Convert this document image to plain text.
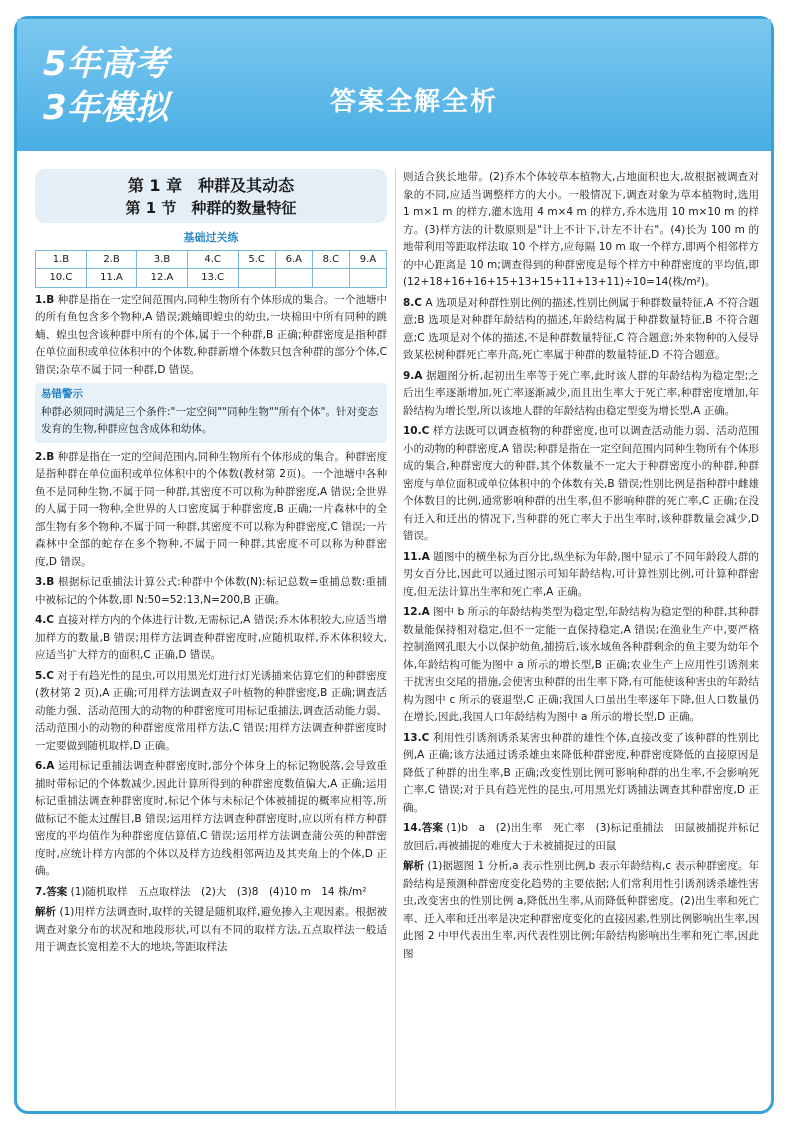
5年高考
3年模拟	答案全解全析
第 1 章　种群及其动态
第 1 节　种群的数量特征
基础过关练
1.B	2.B	3.B	4.C	5.C	6.A	8.C	9.A
10.C	11.A	12.A	13.C				
1.B 种群是指在一定空间范围内,同种生物所有个体形成的集合。一个池塘中的所有鱼包含多个物种,A 错误;跳蝻即蝗虫的幼虫,一块棉田中所有同种的跳蝻、蝗虫包含该种群中所有的个体,属于一个种群,B 正确;种群密度是指种群在单位面积或单位体积中的个体数,种群新增个体数只包含种群的部分个体,C 错误;杂草不属于同一种群,D 错误。
易错警示
种群必须同时满足三个条件:"一定空间""同种生物""所有个体"。针对变态发育的生物,种群应包含成体和幼体。
2.B 种群是指在一定的空间范围内,同种生物所有个体形成的集合。种群密度是指种群在单位面积或单位体积中的个体数(教材第 2页)。一个池塘中各种鱼不是同种生物,不属于同一种群,其密度不可以称为种群密度,A 错误;全世界的人属于同一物种,全世界的人口密度属于种群密度,B 正确;一片森林中的全部生物有多个物种,不属于同一种群,其密度不可以称为种群密度,C 错误;一片森林中全部的蛇存在多个物种,不属于同一种群,其密度不可以称为种群密度,D 错误。
3.B 根据标记重捕法计算公式:种群中个体数(N):标记总数=重捕总数:重捕中被标记的个体数,即 N:50=52:13,N=200,B 正确。
4.C 直接对样方内的个体进行计数,无需标记,A 错误;乔木体积较大,应适当增加样方的数量,B 错误;用样方法调查种群密度时,应随机取样,乔木体积较大,应适当扩大样方的面积,C 正确,D 错误。
5.C 对于有趋光性的昆虫,可以用黑光灯进行灯光诱捕来估算它们的种群密度(教材第 2 页),A 正确;可用样方法调查双子叶植物的种群密度,B 正确;调查活动能力强、活动范围大的动物的种群密度可用标记重捕法,调查活动能力弱、活动范围小的动物的种群密度常用样方法,C 错误;用样方法调查种群密度时一定要做到随机取样,D 正确。
6.A 运用标记重捕法调查种群密度时,部分个体身上的标记物脱落,会导致重捕时带标记的个体数减少,因此计算所得到的种群密度数值偏大,A 正确;运用标记重捕法调查种群密度时,标记个体与未标记个体被捕捉的概率应相等,所做标记不能太过醒目,B 错误;运用样方法调查种群密度时,应以所有样方种群密度的平均值作为种群密度估算值,C 错误;运用样方法调查蒲公英的种群密度时,应统计样方内部的个体以及样方边线相邻两边及其夹角上的个体,D 正确。
7.答案 (1)随机取样　五点取样法　(2)大　(3)8　(4)10 m　14 株/m²
解析 (1)用样方法调查时,取样的关键是随机取样,避免掺入主观因素。根据被调查对象分布的状况和地段形状,可以有不同的取样方法,五点取样法一般适用于调查长宽相差不大的地块,等距取样法
则适合狭长地带。(2)乔木个体较草本植物大,占地面积也大,故根据被调查对象的不同,应适当调整样方的大小。一般情况下,调查对象为草本植物时,选用 1 m×1 m 的样方,灌木选用 4 m×4 m 的样方,乔木选用 10 m×10 m 的样方。(3)样方法的计数原则是"计上不计下,计左不计右"。(4)长为 100 m 的地带利用等距取样法取 10 个样方,应每隔 10 m 取一个样方,即两个相邻样方的中心距离是 10 m;调查得到的种群密度是每个样方中种群密度的平均值,即(12+18+16+16+15+13+15+11+13+11)÷10=14(株/m²)。
8.C A 选项是对种群性别比例的描述,性别比例属于种群数量特征,A 不符合题意;B 选项是对种群年龄结构的描述,年龄结构属于种群数量特征,B 不符合题意;C 选项是对个体的描述,不是种群数量特征,C 符合题意;外来物种的入侵导致某松树种群死亡率升高,死亡率属于种群的数量特征,D 不符合题意。
9.A 据题图分析,起初出生率等于死亡率,此时该人群的年龄结构为稳定型;之后出生率逐渐增加,死亡率逐渐减少,而且出生率大于死亡率,种群密度增加,年龄结构为增长型,所以该地人群的年龄结构由稳定型变为增长型,A 正确。
10.C 样方法既可以调查植物的种群密度,也可以调查活动能力弱、活动范围小的动物的种群密度,A 错误;种群是指在一定空间范围内同种生物所有个体形成的集合,种群密度大的种群,其个体数量不一定大于种群密度小的种群,种群密度与单位面积或单位体积中的个体数有关,B 错误;性别比例是指种群中雌雄个体数目的比例,通常影响种群的出生率,但不影响种群的死亡率,C 正确;在没有迁入和迁出的情况下,当种群的死亡率大于出生率时,该种群数量会减少,D 错误。
11.A 题图中的横坐标为百分比,纵坐标为年龄,图中显示了不同年龄段人群的男女百分比,因此可以通过图示可知年龄结构,可计算性别比例,可计算种群密度,但无法计算出生率和死亡率,A 正确。
12.A 图中 b 所示的年龄结构类型为稳定型,年龄结构为稳定型的种群,其种群数量能保持相对稳定,但不一定能一直保持稳定,A 错误;在渔业生产中,要严格控制渔网孔眼大小以保护幼鱼,捕捞后,该水域鱼各种群剩余的鱼主要为幼年个体,年龄结构可能为图中 a 所示的增长型,B 正确;农业生产上应用性引诱剂来干扰害虫交尾的措施,会使害虫种群的出生率下降,有可能使该种害虫的年龄结构为图中 c 所示的衰退型,C 正确;我国人口虽出生率逐年下降,但人口数量仍在增长,因此,我国人口年龄结构为图中 a 所示的增长型,D 正确。
13.C 利用性引诱剂诱杀某害虫种群的雄性个体,直接改变了该种群的性别比例,A 正确;该方法通过诱杀雄虫来降低种群密度,种群密度降低的直接原因是降低了种群的出生率,B 正确;改变性别比例可影响种群的出生率,不会影响死亡率,C 错误;对于具有趋光性的昆虫,可用黑光灯诱捕法调查其种群密度,D 正确。
14.答案 (1)b　a　(2)出生率　死亡率　(3)标记重捕法　田鼠被捕捉并标记放回后,再被捕捉的难度大于未被捕捉过的田鼠
解析 (1)据题图 1 分析,a 表示性别比例,b 表示年龄结构,c 表示种群密度。年龄结构是预测种群密度变化趋势的主要依据;人们常利用性引诱剂诱杀雄性害虫,改变害虫的性别比例 a,降低出生率,从而降低种群密度。(2)出生率和死亡率、迁入率和迁出率是决定种群密度变化的直接因素,性别比例影响出生率,因此图 2 中甲代表出生率,丙代表性别比例;年龄结构影响出生率和死亡率,因此图
